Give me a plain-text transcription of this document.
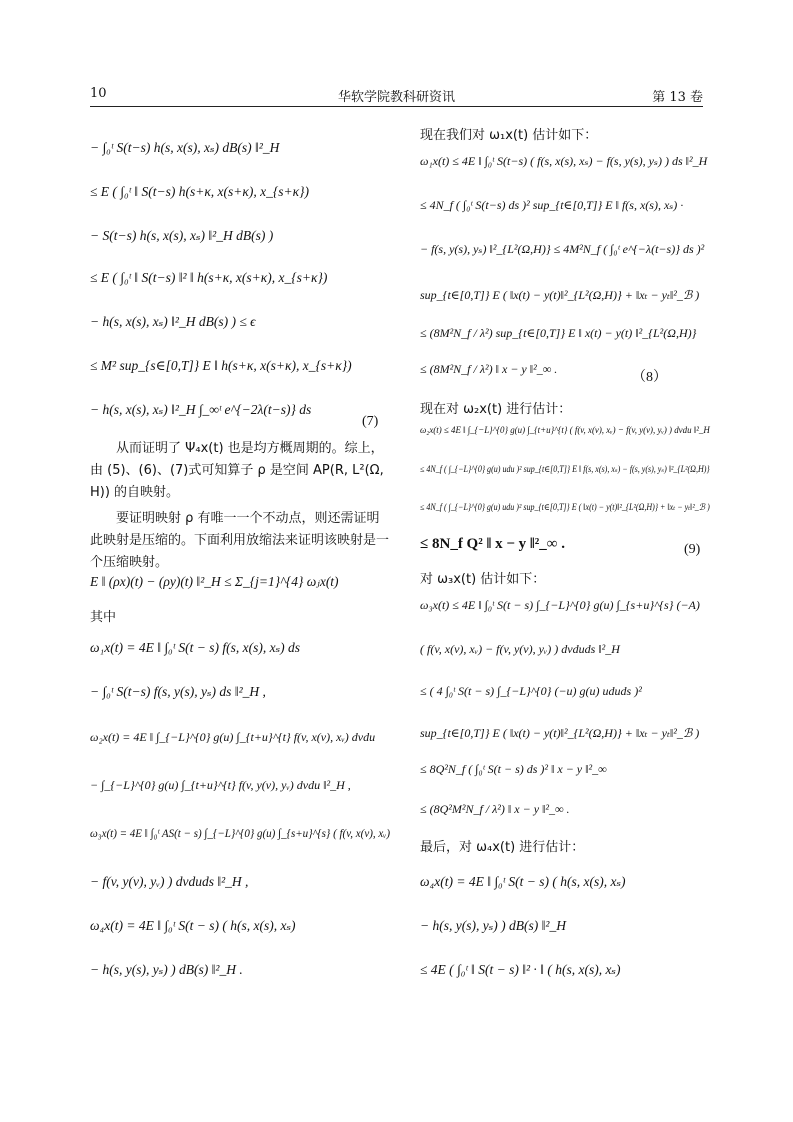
10	华软学院教科研资讯	第 13 卷
− ∫₀ᵗ S(t−s) h(s, x(s), xₛ) dB(s) ‖²_H
≤ E ( ∫₀ᵗ ‖ S(t−s) h(s+κ, x(s+κ), x_{s+κ})
− S(t−s) h(s, x(s), xₛ) ‖²_H dB(s) )
≤ E ( ∫₀ᵗ ‖ S(t−s) ‖² ‖ h(s+κ, x(s+κ), x_{s+κ})
− h(s, x(s), xₛ) ‖²_H dB(s) ) ≤ ϵ
≤ M² sup_{s∈[0,T]} E ‖ h(s+κ, x(s+κ), x_{s+κ})
− h(s, x(s), xₛ) ‖²_H ∫_∞ᵗ e^{−2λ(t−s)} ds
(7)
从而证明了 Ψ₄x(t) 也是均方概周期的。综上，由 (5)、(6)、(7)式可知算子 ρ 是空间 AP(R, L²(Ω, H)) 的自映射。
要证明映射 ρ 有唯一一个不动点，则还需证明此映射是压缩的。下面利用放缩法来证明该映射是一个压缩映射。
E ‖ (ρx)(t) − (ρy)(t) ‖²_H ≤ Σ_{j=1}^{4} ωⱼx(t)
其中
ω₁x(t) = 4E ‖ ∫₀ᵗ S(t − s) f(s, x(s), xₛ) ds
− ∫₀ᵗ S(t−s) f(s, y(s), yₛ) ds ‖²_H ,
ω₂x(t) = 4E ‖ ∫_{−L}^{0} g(u) ∫_{t+u}^{t} f(v, x(v), xᵥ) dvdu
− ∫_{−L}^{0} g(u) ∫_{t+u}^{t} f(v, y(v), yᵥ) dvdu ‖²_H ,
ω₃x(t) = 4E ‖ ∫₀ᵗ AS(t − s) ∫_{−L}^{0} g(u) ∫_{s+u}^{s} ( f(v, x(v), xᵥ)
− f(v, y(v), yᵥ) ) dvduds ‖²_H ,
ω₄x(t) = 4E ‖ ∫₀ᵗ S(t − s) ( h(s, x(s), xₛ)
− h(s, y(s), yₛ) ) dB(s) ‖²_H .
现在我们对 ω₁x(t) 估计如下：
ω₁x(t) ≤ 4E ‖ ∫₀ᵗ S(t−s) ( f(s, x(s), xₛ) − f(s, y(s), yₛ) ) ds ‖²_H
≤ 4N_f ( ∫₀ᵗ S(t−s) ds )² sup_{t∈[0,T]} E ‖ f(s, x(s), xₛ) ·
− f(s, y(s), yₛ) ‖²_{L²(Ω,H)} ≤ 4M²N_f ( ∫₀ᵗ e^{−λ(t−s)} ds )²
sup_{t∈[0,T]} E ( ‖x(t) − y(t)‖²_{L²(Ω,H)} + ‖xₜ − yₜ‖²_ℬ )
≤ (8M²N_f / λ²) sup_{t∈[0,T]} E ‖ x(t) − y(t) ‖²_{L²(Ω,H)}
≤ (8M²N_f / λ²) ‖ x − y ‖²_∞ .
（8）
现在对 ω₂x(t) 进行估计：
ω₂x(t) ≤ 4E ‖ ∫_{−L}^{0} g(u) ∫_{t+u}^{t} ( f(v, x(v), xᵥ) − f(v, y(v), yᵥ) ) dvdu ‖²_H
≤ 4N_f ( ∫_{−L}^{0} g(u) udu )² sup_{t∈[0,T]} E ‖ f(s, x(s), xₛ) − f(s, y(s), yₛ) ‖²_{L²(Ω,H)}
≤ 4N_f ( ∫_{−L}^{0} g(u) udu )² sup_{t∈[0,T]} E ( ‖x(t) − y(t)‖²_{L²(Ω,H)} + ‖xₜ − yₜ‖²_ℬ )
≤ 8N_f Q² ‖ x − y ‖²_∞ .	(9)
对 ω₃x(t) 估计如下：
ω₃x(t) ≤ 4E ‖ ∫₀ᵗ S(t − s) ∫_{−L}^{0} g(u) ∫_{s+u}^{s} (−A)
( f(v, x(v), xᵥ) − f(v, y(v), yᵥ) ) dvduds ‖²_H
≤ ( 4 ∫₀ᵗ S(t − s) ∫_{−L}^{0} (−u) g(u) ududs )²
sup_{t∈[0,T]} E ( ‖x(t) − y(t)‖²_{L²(Ω,H)} + ‖xₜ − yₜ‖²_ℬ )
≤ 8Q²N_f ( ∫₀ᵗ S(t − s) ds )² ‖ x − y ‖²_∞
≤ (8Q²M²N_f / λ²) ‖ x − y ‖²_∞ .
最后，对 ω₄x(t) 进行估计：
ω₄x(t) = 4E ‖ ∫₀ᵗ S(t − s) ( h(s, x(s), xₛ)
− h(s, y(s), yₛ) ) dB(s) ‖²_H
≤ 4E ( ∫₀ᵗ ‖ S(t − s) ‖² · ‖ ( h(s, x(s), xₛ)
